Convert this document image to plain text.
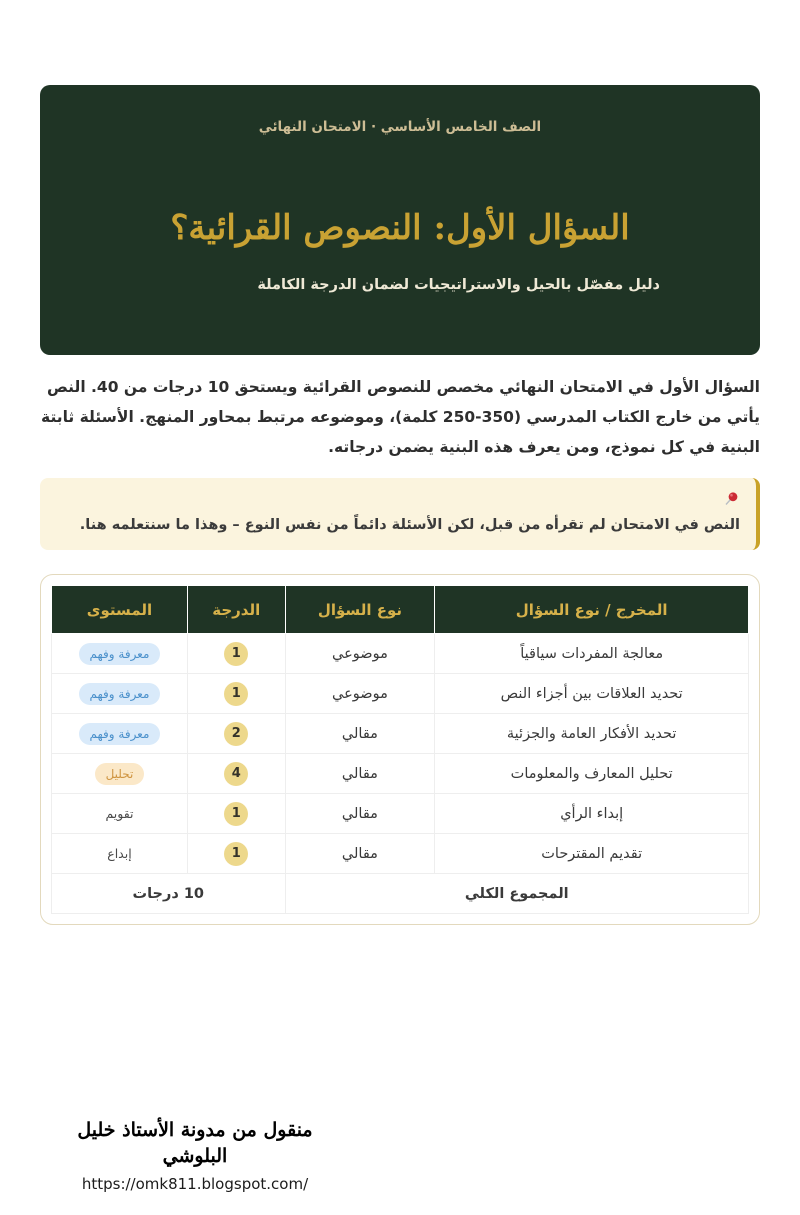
الصف الخامس الأساسي · الامتحان النهائي
السؤال الأول: النصوص القرائية؟
دليل مفصّل بالحيل والاستراتيجيات لضمان الدرجة الكاملة

السؤال الأول في الامتحان النهائي مخصص للنصوص القرائية ويستحق 10 درجات من 40. النص يأتي من خارج الكتاب المدرسي (350-250 كلمة)، وموضوعه مرتبط بمحاور المنهج. الأسئلة ثابتة البنية في كل نموذج، ومن يعرف هذه البنية يضمن درجاته.

النص في الامتحان لم تقرأه من قبل، لكن الأسئلة دائماً من نفس النوع – وهذا ما سنتعلمه هنا.
المخرج / نوع السؤال	نوع السؤال	الدرجة	المستوى
معالجة المفردات سياقياً	موضوعي	1	معرفة وفهم
تحديد العلاقات بين أجزاء النص	موضوعي	1	معرفة وفهم
تحديد الأفكار العامة والجزئية	مقالي	2	معرفة وفهم
تحليل المعارف والمعلومات	مقالي	4	تحليل
إبداء الرأي	مقالي	1	تقويم
تقديم المقترحات	مقالي	1	إبداع
المجموع الكلي		10 درجات	
منقول من مدونة الأستاذ خليل البلوشي
https://omk811.blogspot.com/
